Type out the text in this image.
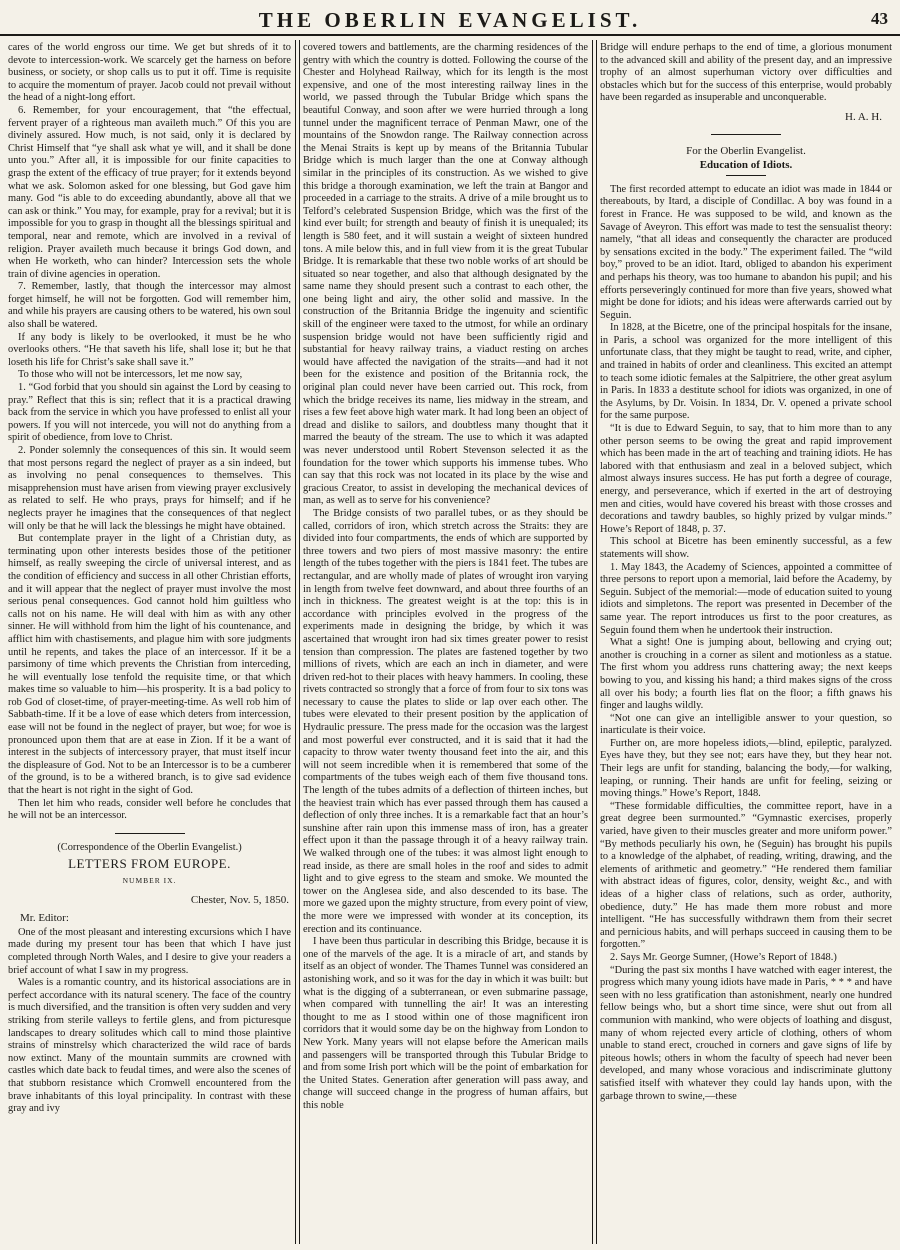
THE OBERLIN EVANGELIST.	43

cares of the world engross our time. We get but shreds of it to devote to intercession-work. We scarcely get the harness on before business, or society, or shop calls us to put it off. Time is requisite to acquire the momentum of prayer. Jacob could not prevail without the head of a night-long effort.

6. Remember, for your encouragement, that “the effectual, fervent prayer of a righteous man availeth much.” Of this you are divinely assured. How much, is not said, only it is declared by Christ Himself that “ye shall ask what ye will, and it shall be done unto you.” After all, it is impossible for our finite capacities to grasp the extent of the efficacy of true prayer; for it extends beyond what we ask. Solomon asked for one blessing, but God gave him many. God “is able to do exceeding abundantly, above all that we can ask or think.” You may, for example, pray for a revival; but it is impossible for you to grasp in thought all the blessings spiritual and temporal, near and remote, which are involved in a revival of religion. Prayer availeth much because it brings God down, and when He worketh, who can hinder? Intercession sets the whole train of divine agencies in operation.

7. Remember, lastly, that though the intercessor may almost forget himself, he will not be forgotten. God will remember him, and while his prayers are causing others to be watered, his own soul also shall be watered.

If any body is likely to be overlooked, it must be he who overlooks others. “He that saveth his life, shall lose it; but he that loseth his life for Christ’s sake shall save it.”

To those who will not be intercessors, let me now say,

1. “God forbid that you should sin against the Lord by ceasing to pray.” Reflect that this is sin; reflect that it is a practical drawing back from the service in which you have professed to enlist all your powers. If you will not intercede, you will not do anything from a spirit of obedience, from love to Christ.

2. Ponder solemnly the consequences of this sin. It would seem that most persons regard the neglect of prayer as a sin indeed, but as involving no penal consequences to themselves. This misapprehension must have arisen from viewing prayer exclusively as related to self. He who prays, prays for himself; and if he neglects prayer he imagines that the consequences of that neglect will only be that he will lack the blessings he might have obtained.

But contemplate prayer in the light of a Christian duty, as terminating upon other interests besides those of the petitioner himself, as really sweeping the circle of universal interest, and as the condition of efficiency and success in all other Christian efforts, and it will appear that the neglect of prayer must involve the most serious penal consequences. God cannot hold him guiltless who calls not on his name. He will deal with him as with any other sinner. He will withhold from him the light of his countenance, and afflict him with chastisements, and plague him with sore judgments until he repents, and takes the place of an intercessor. If it be a parsimony of time which prevents the Christian from interceding, he will eventually lose tenfold the requisite time, or that which makes time so valuable to him—his prosperity. It is a bad policy to rob God of closet-time, of prayer-meeting-time. As well rob him of Sabbath-time. If it be a love of ease which deters from intercession, ease will not be found in the neglect of prayer, but woe; for woe is pronounced upon them that are at ease in Zion. If it be a want of interest in the subjects of intercessory prayer, that must itself incur the displeasure of God. Not to be an Intercessor is to be a cumberer of the ground, is to be a withered branch, is to give sad evidence that the heart is not right in the sight of God.

Then let him who reads, consider well before he concludes that he will not be an intercessor.

(Correspondence of the Oberlin Evangelist.)
LETTERS FROM EUROPE.
NUMBER IX.
Chester, Nov. 5, 1850.
Mr. Editor:

One of the most pleasant and interesting excursions which I have made during my present tour has been that which I have just completed through North Wales, and I desire to give your readers a brief account of what I saw in my progress.

Wales is a romantic country, and its historical associations are in perfect accordance with its natural scenery. The face of the country is much diversified, and the transition is often very sudden and very striking from sterile valleys to fertile glens, and from picturesque landscapes to dreary solitudes which call to mind those plaintive strains of minstrelsy which characterized the wild race of bards now extinct. Many of the mountain summits are crowned with castles which date back to feudal times, and were also the scenes of that stubborn resistance which Cromwell encountered from the brave inhabitants of this loyal principality. In contrast with these gray and ivy

covered towers and battlements, are the charming residences of the gentry with which the country is dotted. Following the course of the Chester and Holyhead Railway, which for its length is the most expensive, and one of the most interesting railway lines in the world, we passed through the Tubular Bridge which spans the beautiful Conway, and soon after we were hurried through a long tunnel under the magnificent terrace of Penman Mawr, one of the mountains of the Snowdon range. The Railway connection across the Menai Straits is kept up by means of the Britannia Tubular Bridge which is much larger than the one at Conway although similar in the principles of its construction. As we wished to give this bridge a thorough examination, we left the train at Bangor and proceeded in a carriage to the straits. A drive of a mile brought us to Telford’s celebrated Suspension Bridge, which was the first of the kind ever built; for strength and beauty of finish it is unequaled; its length is 580 feet, and it will sustain a weight of sixteen hundred tons. A mile below this, and in full view from it is the great Tubular Bridge. It is remarkable that these two noble works of art should be situated so near together, and also that although designated by the same name they should present such a contrast to each other, the one being light and airy, the other solid and massive. In the construction of the Britannia Bridge the ingenuity and scientific skill of the engineer were taxed to the utmost, for while an ordinary suspension bridge would not have been sufficiently rigid and substantial for heavy railway trains, a viaduct resting on arches would have affected the navigation of the straits—and had it not been for the existence and position of the Britannia rock, the original plan could never have been carried out. This rock, from which the bridge receives its name, lies midway in the stream, and rises a few feet above high water mark. It had long been an object of dread and dislike to sailors, and doubtless many thought that it marred the beauty of the stream. The use to which it was adapted was never understood until Robert Stevenson selected it as the foundation for the tower which supports his immense tubes. Who can say that this rock was not located in its place by the wise and gracious Creator, to assist in developing the mechanical devices of man, as well as to serve for his convenience?

The Bridge consists of two parallel tubes, or as they should be called, corridors of iron, which stretch across the Straits: they are divided into four compartments, the ends of which are supported by three towers and two piers of most massive masonry: the entire length of the tubes together with the piers is 1841 feet. The tubes are rectangular, and are wholly made of plates of wrought iron varying in length from twelve feet downward, and about three fourths of an inch in thickness. The greatest weight is at the top: this is in accordance with principles evolved in the progress of the experiments made in designing the bridge, by which it was ascertained that wrought iron had six times greater power to resist tension than compression. The plates are fastened together by two millions of rivets, which are each an inch in diameter, and were driven red-hot to their places with heavy hammers. In cooling, these rivets contracted so strongly that a force of from four to six tons was necessary to cause the plates to slide or lap over each other. The tubes were elevated to their present position by the application of Hydraulic pressure. The press made for the occasion was the largest and most powerful ever constructed, and it is said that it had the capacity to throw water twenty thousand feet into the air, and this will not seem incredible when it is remembered that some of the compartments of the tubes weigh each of them five thousand tons. The length of the tubes admits of a deflection of thirteen inches, but the heaviest train which has ever passed through them has caused a deflection of only three inches. It is a remarkable fact that an hour’s sunshine after rain upon this immense mass of iron, has a greater effect upon it than the passage through it of a heavy railway train. We walked through one of the tubes: it was almost light enough to read inside, as there are small holes in the roof and sides to admit light and to give egress to the steam and smoke. We mounted the tower on the Anglesea side, and also descended to its base. The more we gazed upon the mighty structure, from every point of view, the more were we impressed with wonder at its conception, its erection and its continuance.

I have been thus particular in describing this Bridge, because it is one of the marvels of the age. It is a miracle of art, and stands by itself as an object of wonder. The Thames Tunnel was considered an astonishing work, and so it was for the day in which it was built: but what is the digging of a subterranean, or even submarine passage, when compared with tunnelling the air! It was an interesting thought to me as I stood within one of those magnificent iron corridors that it would some day be on the highway from London to New York. Many years will not elapse before the American mails and passengers will be transported through this Tubular Bridge to and from some Irish port which will be the point of embarkation for the United States. Generation after generation will pass away, and change will succeed change in the progress of human affairs, but this noble

Bridge will endure perhaps to the end of time, a glorious monument to the advanced skill and ability of the present day, and an impressive trophy of an almost superhuman victory over difficulties and obstacles which but for the success of this enterprise, would probably have been regarded as insuperable and unconquerable.

H. A. H.
For the Oberlin Evangelist.
Education of Idiots.

The first recorded attempt to educate an idiot was made in 1844 or thereabouts, by Itard, a disciple of Condillac. A boy was found in a forest in France. He was supposed to be wild, and known as the Savage of Aveyron. This effort was made to test the sensualist theory: namely, “that all ideas and consequently the character are produced by sensations excited in the body.” The experiment failed. The “wild boy,” proved to be an idiot. Itard, obliged to abandon his experiment and perhaps his theory, was too humane to abandon his pupil; and his efforts perseveringly continued for more than five years, showed what might be done for idiots; and his ideas were afterwards carried out by Seguin.

In 1828, at the Bicetre, one of the principal hospitals for the insane, in Paris, a school was organized for the more intelligent of this unfortunate class, that they might be taught to read, write, and cipher, and trained in habits of order and cleanliness. This excited an attempt to teach some idiotic females at the Salpitriere, the other great asylum in Paris. In 1833 a destitute school for idiots was organized, in one of the Asylums, by Dr. Voisin. In 1834, Dr. V. opened a private school for the same purpose.

“It is due to Edward Seguin, to say, that to him more than to any other person seems to be owing the great and rapid improvement which has been made in the art of teaching and training idiots. He has labored with that enthusiasm and zeal in a beloved subject, which almost always insures success. He has put forth a degree of courage, energy, and perseverance, which if exerted in the art of destroying men and cities, would have covered his breast with those crosses and decorations and tawdry baubles, so highly prized by vulgar minds.” Howe’s Report of 1848, p. 37.

This school at Bicetre has been eminently successful, as a few statements will show.

1. May 1843, the Academy of Sciences, appointed a committee of three persons to report upon a memorial, laid before the Academy, by Seguin. Subject of the memorial:—mode of education suited to young idiots and simpletons. The report was presented in December of the same year. The report introduces us first to the poor creatures, as Seguin found them when he undertook their instruction.

What a sight! One is jumping about, bellowing and crying out; another is crouching in a corner as silent and motionless as a statue. The first whom you address runs chattering away; the next keeps bowing to you, and kissing his hand; a third makes signs of the cross all over his body; a fourth lies flat on the floor; a fifth gnaws his finger and laughs wildly.

“Not one can give an intelligible answer to your question, so inarticulate is their voice.

Further on, are more hopeless idiots,—blind, epileptic, paralyzed. Eyes have they, but they see not; ears have they, but they hear not. Their legs are unfit for standing, balancing the body,—for walking, leaping, or running. Their hands are unfit for feeling, seizing or moving things.” Howe’s Report, 1848.

“These formidable difficulties, the committee report, have in a great degree been surmounted.” “Gymnastic exercises, properly varied, have given to their muscles greater and more uniform power.” “By methods peculiarly his own, he (Seguin) has brought his pupils to a knowledge of the alphabet, of reading, writing, drawing, and the elements of arithmetic and geometry.” “He rendered them familiar with abstract ideas of figures, color, density, weight &c., and with ideas of a higher class of relations, such as order, authority, obedience, duty.” He has made them more robust and more intelligent. “He has successfully withdrawn them from their secret and pernicious habits, and will perhaps succeed in causing them to be forgotten.”

2. Says Mr. George Sumner, (Howe’s Report of 1848.)

“During the past six months I have watched with eager interest, the progress which many young idiots have made in Paris, * * * and have seen with no less gratification than astonishment, nearly one hundred fellow beings who, but a short time since, were shut out from all communion with mankind, who were objects of loathing and disgust, many of whom rejected every article of clothing, others of whom unable to stand erect, crouched in corners and gave signs of life by piteous howls; others in whom the faculty of speech had never been developed, and many whose voracious and indiscriminate gluttony satisfied itself with whatever they could lay hands upon, with the garbage thrown to swine,—these
